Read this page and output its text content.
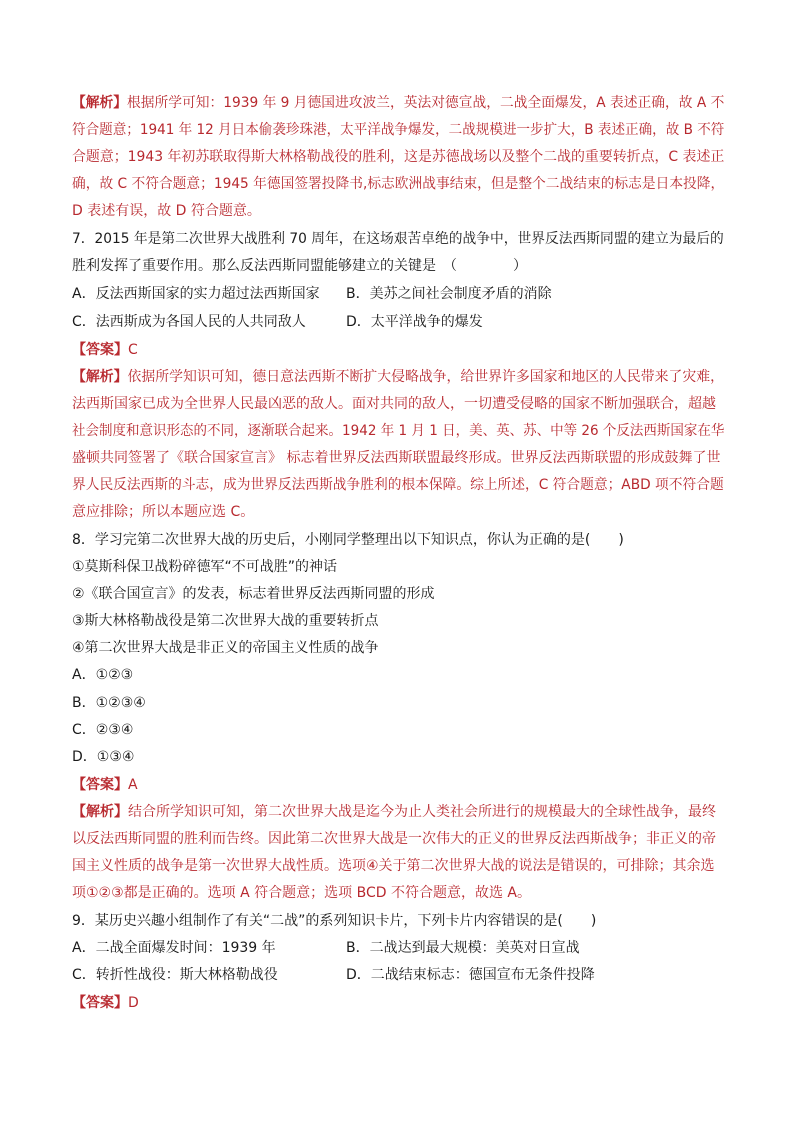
【解析】根据所学可知：1939 年 9 月德国进攻波兰，英法对德宣战，二战全面爆发，A 表述正确，故 A 不
符合题意；1941 年 12 月日本偷袭珍珠港，太平洋战争爆发，二战规模进一步扩大，B 表述正确，故 B 不符
合题意；1943 年初苏联取得斯大林格勒战役的胜利，这是苏德战场以及整个二战的重要转折点，C 表述正
确，故 C 不符合题意；1945 年德国签署投降书,标志欧洲战事结束，但是整个二战结束的标志是日本投降，
D 表述有误，故 D 符合题意。
7．2015 年是第二次世界大战胜利 70 周年，在这场艰苦卓绝的战争中，世界反法西斯同盟的建立为最后的
胜利发挥了重要作用。那么反法西斯同盟能够建立的关键是　（　　　　）
A．反法西斯国家的实力超过法西斯国家 B．美苏之间社会制度矛盾的消除
C．法西斯成为各国人民的人共同敌人	D．太平洋战争的爆发
【答案】C
【解析】依据所学知识可知，德日意法西斯不断扩大侵略战争，给世界许多国家和地区的人民带来了灾难，
法西斯国家已成为全世界人民最凶恶的敌人。面对共同的敌人，一切遭受侵略的国家不断加强联合，超越
社会制度和意识形态的不同，逐渐联合起来。1942 年 1 月 1 日，美、英、苏、中等 26 个反法西斯国家在华
盛顿共同签署了《联合国家宣言》 标志着世界反法西斯联盟最终形成。世界反法西斯联盟的形成鼓舞了世
界人民反法西斯的斗志，成为世界反法西斯战争胜利的根本保障。综上所述，C 符合题意；ABD 项不符合题
意应排除；所以本题应选 C。
8．学习完第二次世界大战的历史后，小刚同学整理出以下知识点，你认为正确的是(　　)
①莫斯科保卫战粉碎德军“不可战胜”的神话
②《联合国宣言》的发表，标志着世界反法西斯同盟的形成
③斯大林格勒战役是第二次世界大战的重要转折点
④第二次世界大战是非正义的帝国主义性质的战争
A．①②③
B．①②③④
C．②③④
D．①③④
【答案】A
【解析】结合所学知识可知，第二次世界大战是迄今为止人类社会所进行的规模最大的全球性战争，最终
以反法西斯同盟的胜利而告终。因此第二次世界大战是一次伟大的正义的世界反法西斯战争；非正义的帝
国主义性质的战争是第一次世界大战性质。选项④关于第二次世界大战的说法是错误的，可排除；其余选
项①②③都是正确的。选项 A 符合题意；选项 BCD 不符合题意，故选 A。
9．某历史兴趣小组制作了有关“二战”的系列知识卡片，下列卡片内容错误的是(　　)
A．二战全面爆发时间：1939 年	B．二战达到最大规模：美英对日宣战
C．转折性战役：斯大林格勒战役	D．二战结束标志：德国宣布无条件投降
【答案】D
